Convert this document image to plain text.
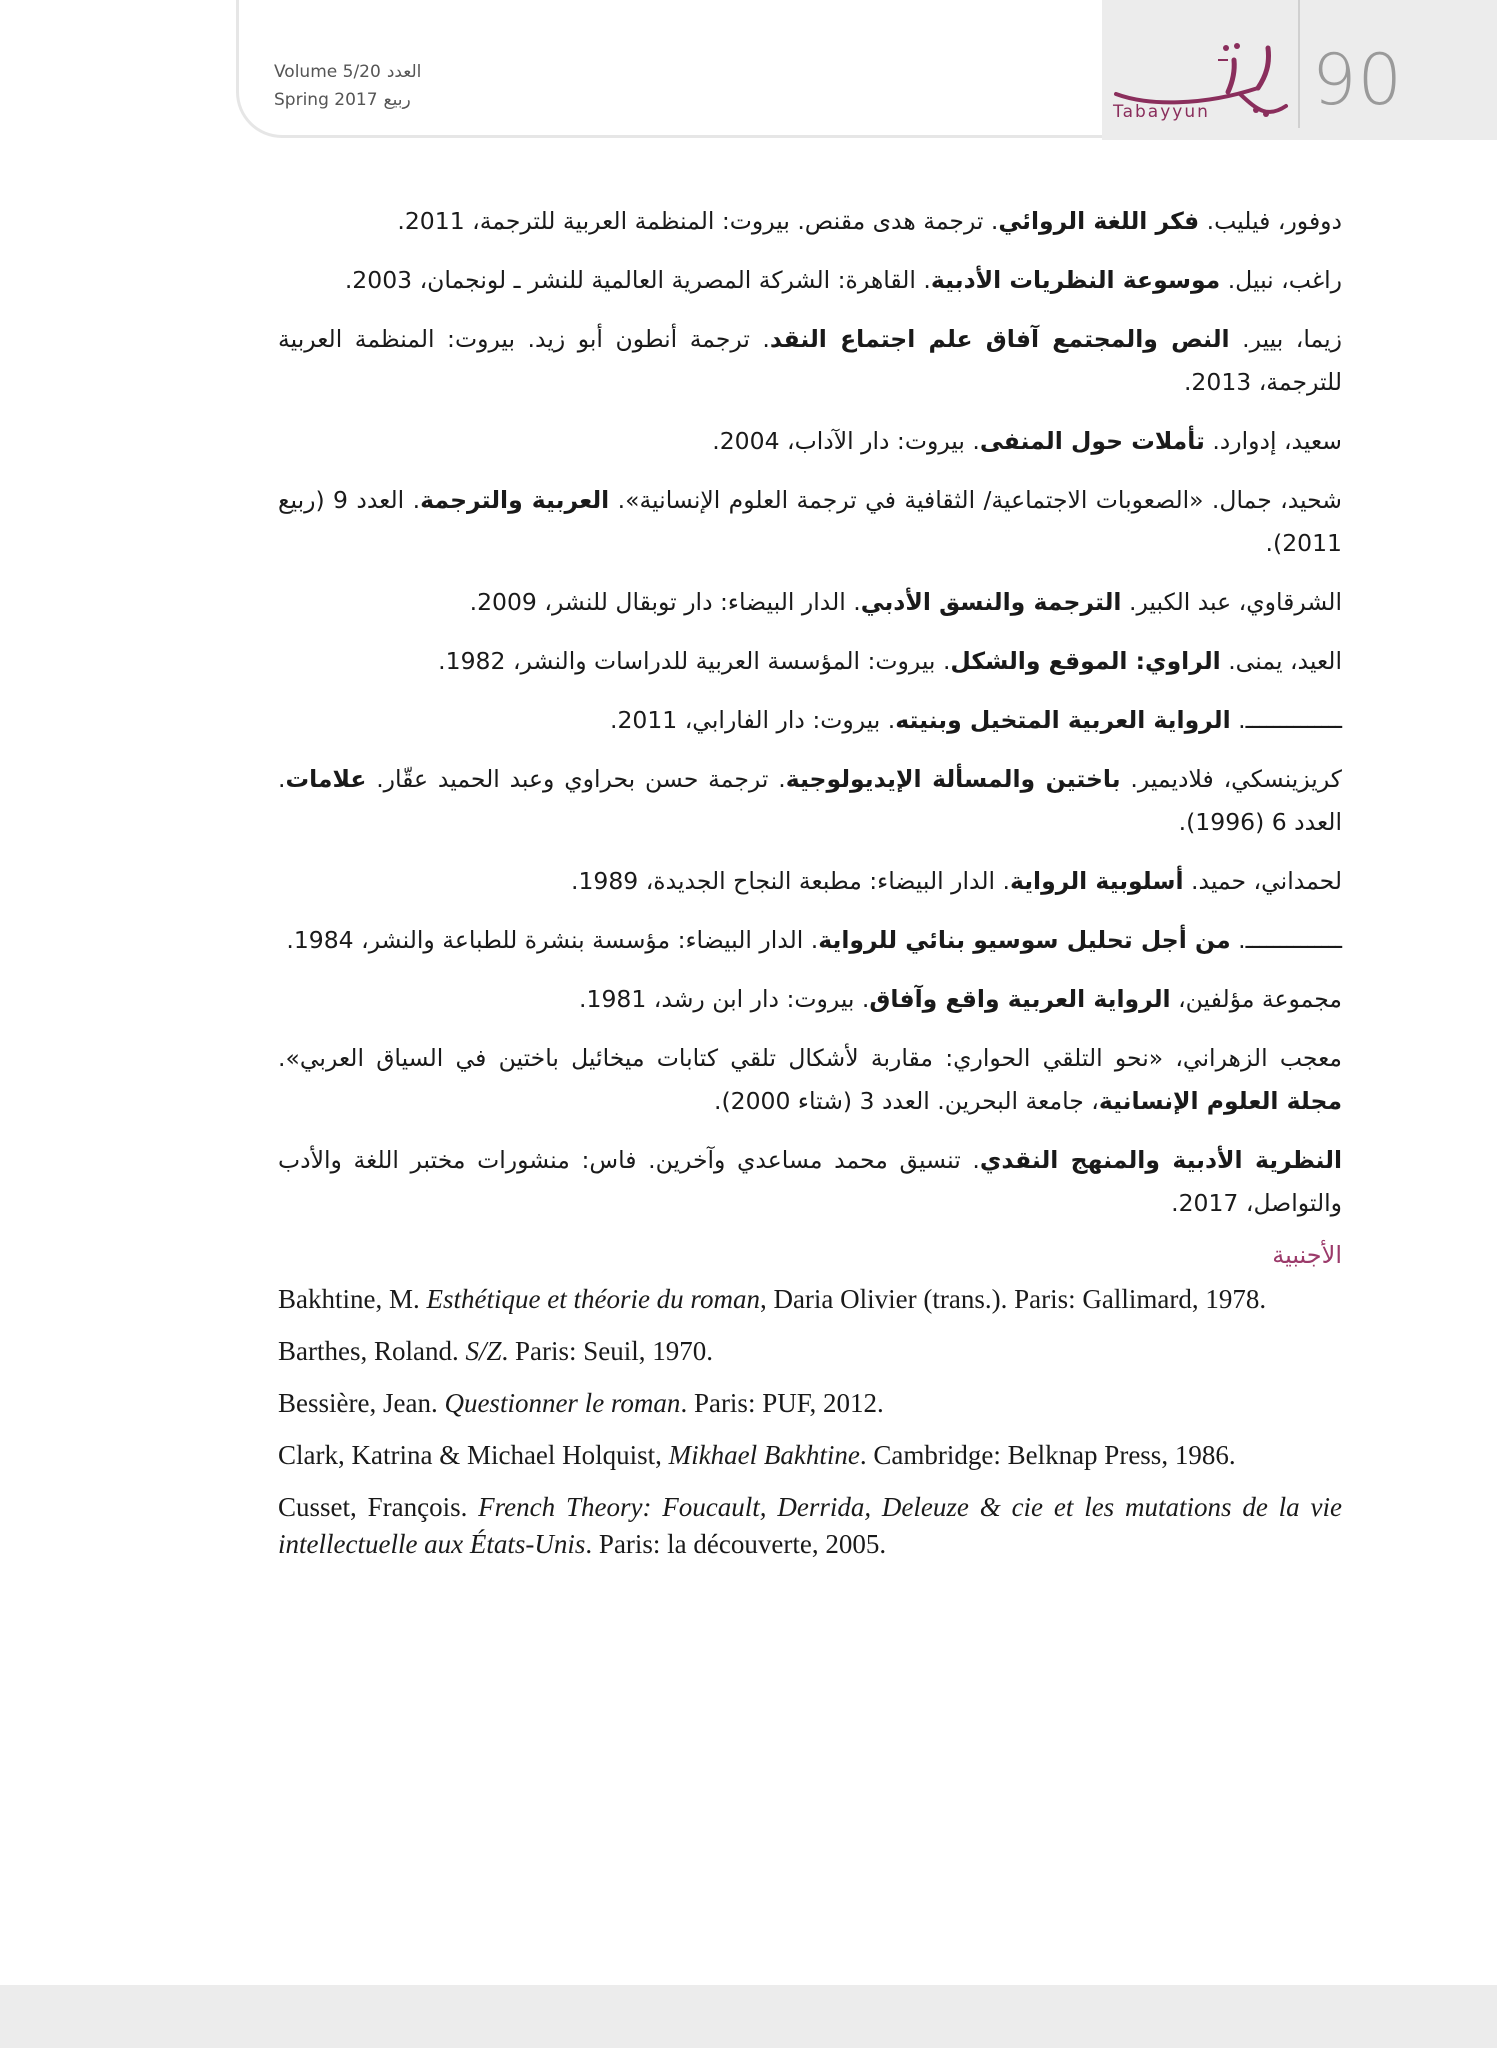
Tabayyun 90
Volume 5/20 العدد
Spring 2017 ربيع

دوفور، فيليب. فكر اللغة الروائي. ترجمة هدى مقنص. بيروت: المنظمة العربية للترجمة، 2011.

راغب، نبيل. موسوعة النظريات الأدبية. القاهرة: الشركة المصرية العالمية للنشر ـ لونجمان، 2003.

زيما، بيير. النص والمجتمع آفاق علم اجتماع النقد. ترجمة أنطون أبو زيد. بيروت: المنظمة العربية للترجمة، 2013.

سعيد، إدوارد. تأملات حول المنفى. بيروت: دار الآداب، 2004.

شحيد، جمال. «الصعوبات الاجتماعية/ الثقافية في ترجمة العلوم الإنسانية». العربية والترجمة. العدد 9 (ربيع 2011).

الشرقاوي، عبد الكبير. الترجمة والنسق الأدبي. الدار البيضاء: دار توبقال للنشر، 2009.

العيد، يمنى. الراوي: الموقع والشكل. بيروت: المؤسسة العربية للدراسات والنشر، 1982.

ــــــــــــــ. الرواية العربية المتخيل وبنيته. بيروت: دار الفارابي، 2011.

كريزينسكي، فلاديمير. باختين والمسألة الإيديولوجية. ترجمة حسن بحراوي وعبد الحميد عقّار. علامات. العدد 6 (1996).

لحمداني، حميد. أسلوبية الرواية. الدار البيضاء: مطبعة النجاح الجديدة، 1989.

ــــــــــــــ. من أجل تحليل سوسيو بنائي للرواية. الدار البيضاء: مؤسسة بنشرة للطباعة والنشر، 1984.

مجموعة مؤلفين، الرواية العربية واقع وآفاق. بيروت: دار ابن رشد، 1981.

معجب الزهراني، «نحو التلقي الحواري: مقاربة لأشكال تلقي كتابات ميخائيل باختين في السياق العربي». مجلة العلوم الإنسانية، جامعة البحرين. العدد 3 (شتاء 2000).

النظرية الأدبية والمنهج النقدي. تنسيق محمد مساعدي وآخرين. فاس: منشورات مختبر اللغة والأدب والتواصل، 2017.

الأجنبية

Bakhtine, M. Esthétique et théorie du roman, Daria Olivier (trans.). Paris: Gallimard, 1978.

Barthes, Roland. S/Z. Paris: Seuil, 1970.

Bessière, Jean. Questionner le roman. Paris: PUF, 2012.

Clark, Katrina & Michael Holquist, Mikhael Bakhtine. Cambridge: Belknap Press, 1986.

Cusset, François. French Theory: Foucault, Derrida, Deleuze & cie et les mutations de la vie intellectuelle aux États-Unis. Paris: la découverte, 2005.
